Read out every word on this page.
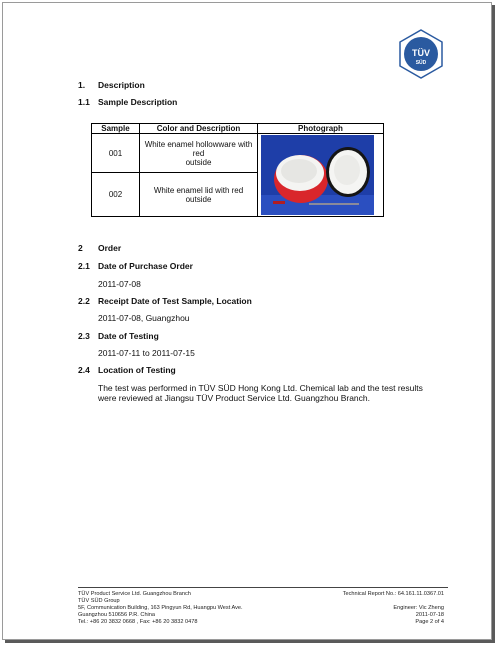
TÜV
SÜD
1. Description
1.1 Sample Description
Sample	Color and Description	Photograph
001	White enamel hollowware with red
outside	

002	White enamel lid with red outside	
2 Order
2.1 Date of Purchase Order
2011-07-08
2.2 Receipt Date of Test Sample, Location
2011-07-08, Guangzhou
2.3 Date of Testing
2011-07-11 to 2011-07-15
2.4 Location of Testing
The test was performed in TÜV SÜD Hong Kong Ltd. Chemical lab and the test results
were reviewed at Jiangsu TÜV Product Service Ltd. Guangzhou Branch.
TÜV Product Service Ltd. Guangzhou Branch
TÜV SÜD Group
5F, Communication Building, 163 Pingyun Rd, Huangpu West Ave.
Guangzhou 510656 P.R. China
Tel.: +86 20 3832 0668 , Fax: +86 20 3832 0478
Technical Report No.: 64.161.11.0367.01
Engineer: Vic Zheng
2011-07-18
Page 2 of 4
